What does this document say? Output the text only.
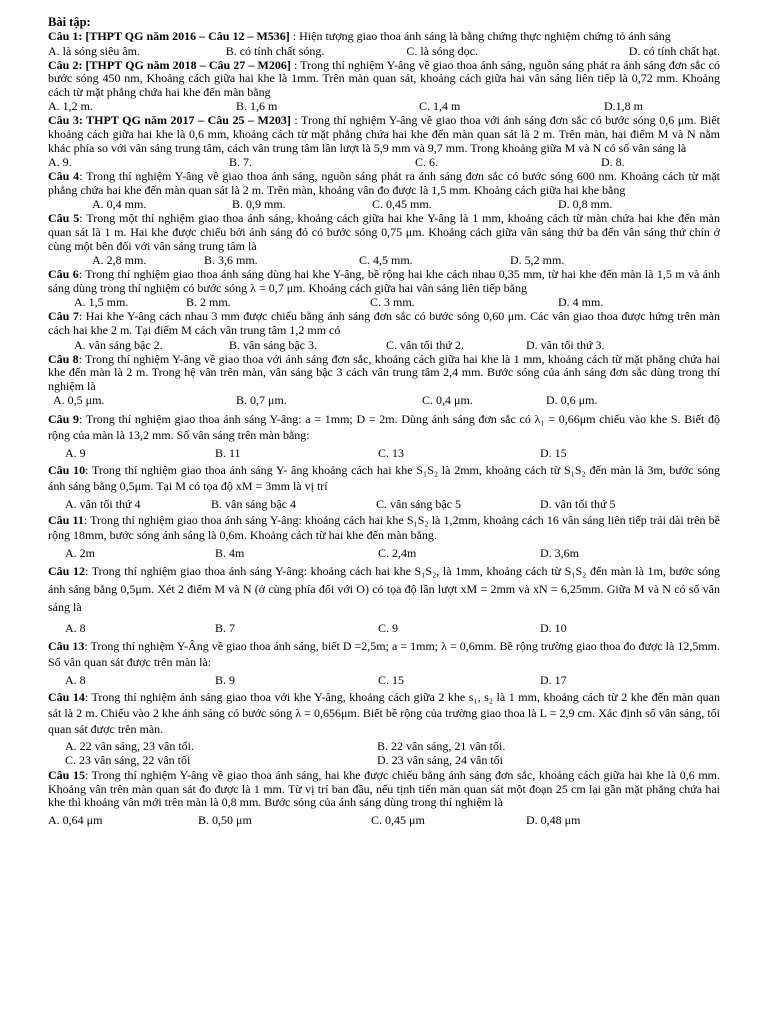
Bài tập:
Câu 1: [THPT QG năm 2016 – Câu 12 – M536] : Hiện tượng giao thoa ánh sáng là bằng chứng thực nghiệm chứng tỏ ánh sáng
A. là sóng siêu âm.	B. có tính chất sóng.	C. là sóng dọc.	D. có tính chất hạt.
Câu 2: [THPT QG năm 2018 – Câu 27 – M206] : Trong thí nghiệm Y-âng về giao thoa ánh sáng, nguồn sáng phát ra ánh sáng đơn sắc có bước sóng 450 nm, Khoảng cách giữa hai khe là 1mm. Trên màn quan sát, khoảng cách giữa hai vân sáng liên tiếp là 0,72 mm. Khoảng cách từ mặt phẳng chứa hai khe đến màn bằng
A. 1,2 m.	B. 1,6 m	C. 1,4 m	D.1,8 m
Câu 3: THPT QG năm 2017 – Câu 25 – M203] : Trong thí nghiệm Y-âng về giao thoa với ánh sáng đơn sắc có bước sóng 0,6 μm. Biết khoảng cách giữa hai khe là 0,6 mm, khoảng cách từ mặt phẳng chứa hai khe đến màn quan sát là 2 m. Trên màn, hai điểm M và N nằm khác phía so với vân sáng trung tâm, cách vân trung tâm lần lượt là 5,9 mm và 9,7 mm. Trong khoảng giữa M và N có số vân sáng là
A. 9.	B. 7.	C. 6.	D. 8.
Câu 4: Trong thí nghiệm Y-âng về giao thoa ánh sáng, nguồn sáng phát ra ánh sáng đơn sắc có bước sóng 600 nm. Khoảng cách từ mặt phẳng chứa hai khe đến màn quan sát là 2 m. Trên màn, khoảng vân đo được là 1,5 mm. Khoảng cách giữa hai khe bằng
A. 0,4 mm.	B. 0,9 mm.	C. 0,45 mm.	D. 0,8 mm.
Câu 5: Trong một thí nghiệm giao thoa ánh sáng, khoảng cách giữa hai khe Y-âng là 1 mm, khoảng cách từ màn chứa hai khe đến màn quan sát là 1 m. Hai khe được chiếu bởi ánh sáng đỏ có bước sóng 0,75 μm. Khoảng cách giữa vân sáng thứ ba đến vân sáng thứ chín ở cùng một bên đối với vân sáng trung tâm là
A. 2,8 mm.	B. 3,6 mm.	C. 4,5 mm.	D. 5,2 mm.
Câu 6: Trong thí nghiệm giao thoa ánh sáng dùng hai khe Y-âng, bề rộng hai khe cách nhau 0,35 mm, từ hai khe đến màn là 1,5 m và ánh sáng dùng trong thí nghiệm có bước sóng λ = 0,7 μm. Khoảng cách giữa hai vân sáng liên tiếp bằng
A. 1,5 mm.	B. 2 mm.	C. 3 mm.	D. 4 mm.
Câu 7: Hai khe Y-âng cách nhau 3 mm được chiếu bằng ánh sáng đơn sắc có bước sóng 0,60 μm. Các vân giao thoa được hứng trên màn cách hai khe 2 m. Tại điểm M cách vân trung tâm 1,2 mm có
A. vân sáng bậc 2.	B. vân sáng bậc 3.	C. vân tối thứ 2.	D. vân tối thứ 3.
Câu 8: Trong thí nghiệm Y-âng về giao thoa với ánh sáng đơn sắc, khoảng cách giữa hai khe là 1 mm, khoảng cách từ mặt phẳng chứa hai khe đến màn là 2 m. Trong hệ vân trên màn, vân sáng bậc 3 cách vân trung tâm 2,4 mm. Bước sóng của ánh sáng đơn sắc dùng trong thí nghiệm là
A. 0,5 μm.	B. 0,7 μm.	C. 0,4 μm.	D. 0,6 μm.
Câu 9: Trong thí nghiệm giao thoa ánh sáng Y-âng: a = 1mm; D = 2m. Dùng ánh sáng đơn sắc có λ₁ = 0,66μm chiếu vào khe S. Biết độ rộng của màn là 13,2 mm. Số vân sáng trên màn bằng:
A. 9	B. 11	C. 13	D. 15
Câu 10: Trong thí nghiệm giao thoa ánh sáng Y- âng khoảng cách hai khe S₁S₂ là 2mm, khoảng cách từ S₁S₂ đến màn là 3m, bước sóng ánh sáng bằng 0,5μm. Tại M có tọa độ xM = 3mm là vị trí
A. vân tối thứ 4	B. vân sáng bậc 4	C. vân sáng bậc 5	D. vân tối thứ 5
Câu 11: Trong thí nghiệm giao thoa ánh sáng Y-âng: khoảng cách hai khe S₁S₂ là 1,2mm, khoảng cách 16 vân sáng liên tiếp trải dài trên bề rộng 18mm, bước sóng ánh sáng là 0,6m. Khoảng cách từ hai khe đến màn bằng.
A. 2m	B. 4m	C. 2,4m	D. 3,6m
Câu 12: Trong thí nghiệm giao thoa ánh sáng Y-âng: khoảng cách hai khe S₁S₂, là 1mm, khoảng cách từ S₁S₂ đến màn là 1m, bước sóng ánh sáng bằng 0,5μm. Xét 2 điểm M và N (ở cùng phía đối với O) có tọa độ lần lượt xM = 2mm và xN = 6,25mm. Giữa M và N có số vân sáng là
A. 8	B. 7	C. 9	D. 10
Câu 13: Trong thí nghiệm Y-Âng về giao thoa ánh sáng, biết D =2,5m; a = 1mm; λ = 0,6mm. Bề rộng trường giao thoa đo được là 12,5mm. Số vân quan sát được trên màn là:
A. 8	B. 9	C. 15	D. 17
Câu 14: Trong thí nghiệm ánh sáng giao thoa với khe Y-âng, khoảng cách giữa 2 khe s₁, s₂ là 1 mm, khoảng cách từ 2 khe đến màn quan sát là 2 m. Chiếu vào 2 khe ánh sáng có bước sóng λ = 0,656μm. Biết bề rộng của trường giao thoa là L = 2,9 cm. Xác định số vân sáng, tối quan sát được trên màn.
A. 22 vân sáng, 23 vân tối.	B. 22 vân sáng, 21 vân tối.
C. 23 vân sáng, 22 vân tối	D. 23 vân sáng, 24 vân tối
Câu 15: Trong thí nghiệm Y-âng về giao thoa ánh sáng, hai khe được chiếu bằng ánh sáng đơn sắc, khoảng cách giữa hai khe là 0,6 mm. Khoảng vân trên màn quan sát đo được là 1 mm. Từ vị trí ban đầu, nếu tịnh tiến màn quan sát một đoạn 25 cm lại gần mặt phẳng chứa hai khe thì khoảng vân mới trên màn là 0,8 mm. Bước sóng của ánh sáng dùng trong thí nghiệm là
A. 0,64 μm	B. 0,50 μm	C. 0,45 μm	D. 0,48 μm
